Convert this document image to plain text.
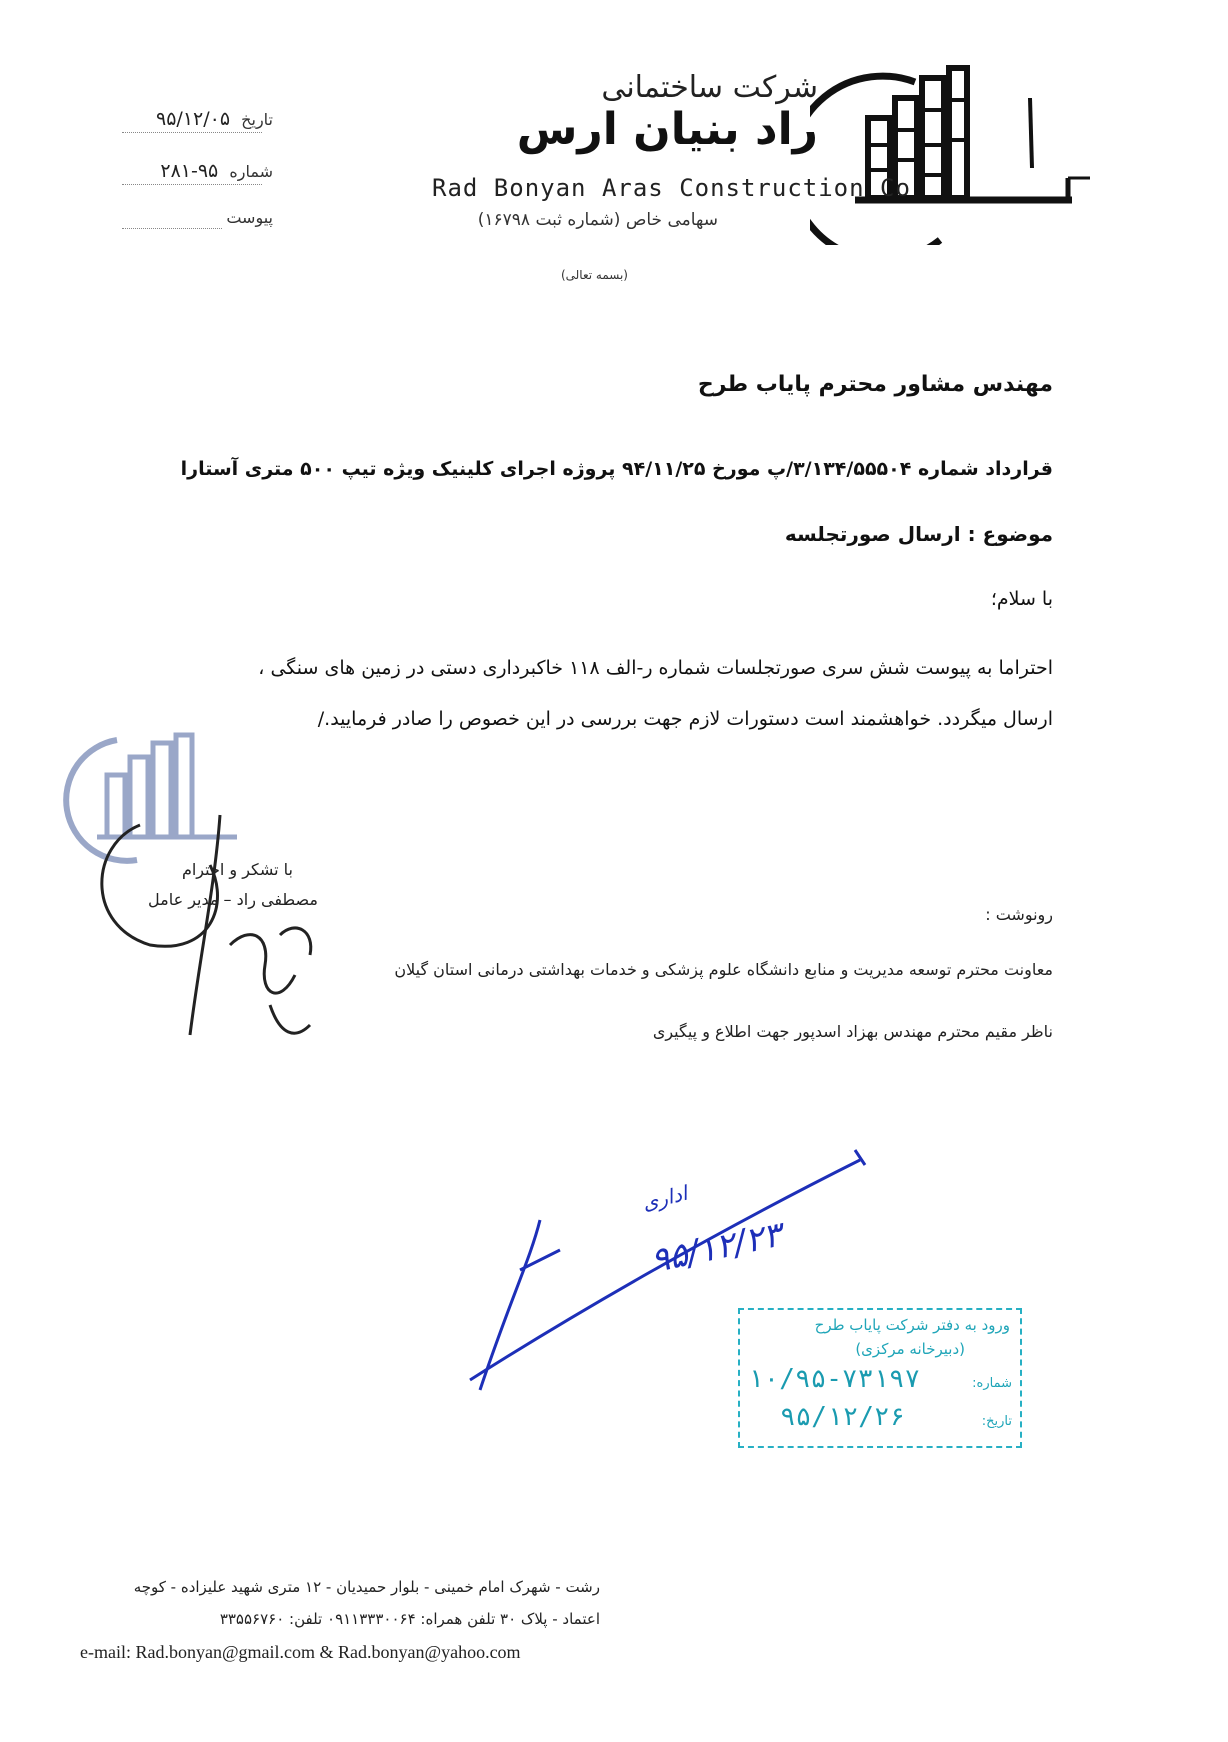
شرکت ساختمانی
راد بنیان ارس
Rad Bonyan Aras Construction Co
سهامی خاص (شماره ثبت ۱۶۷۹۸)
(بسمه تعالی)
تاریخ ۹۵/۱۲/۰۵
شماره ۹۵-۲۸۱
پیوست
مهندس مشاور محترم پایاب طرح
قرارداد شماره ۳/۱۳۴/۵۵۵۰۴/پ مورخ ۹۴/۱۱/۲۵ پروژه اجرای کلینیک ویژه تیپ ۵۰۰ متری آستارا
موضوع : ارسال صورتجلسه
با سلام؛
احتراما به پیوست شش سری صورتجلسات شماره ر-الف ۱۱۸ خاکبرداری دستی در زمین های سنگی ،
ارسال میگردد. خواهشمند است دستورات لازم جهت بررسی در این خصوص را صادر فرمایید./
با تشکر و احترام
مصطفی راد – مدیر عامل
رونوشت :
معاونت محترم توسعه مدیریت و منابع دانشگاه علوم پزشکی و خدمات بهداشتی درمانی استان گیلان
ناظر مقیم محترم مهندس بهزاد اسدپور جهت اطلاع و پیگیری
اداری
۹۵/۱۲/۲۳
ورود به دفتر شرکت پایاب طرح
(دبیرخانه مرکزی)
شماره:
۱۰/۹۵-۷۳۱۹۷
تاریخ:
۹۵/۱۲/۲۶
رشت - شهرک امام خمینی - بلوار حمیدیان - ۱۲ متری شهید علیزاده - کوچه
اعتماد - پلاک ۳۰ تلفن همراه: ۰۹۱۱۳۳۳۰۰۶۴ تلفن: ۳۳۵۵۶۷۶۰
e-mail: Rad.bonyan@gmail.com & Rad.bonyan@yahoo.com
